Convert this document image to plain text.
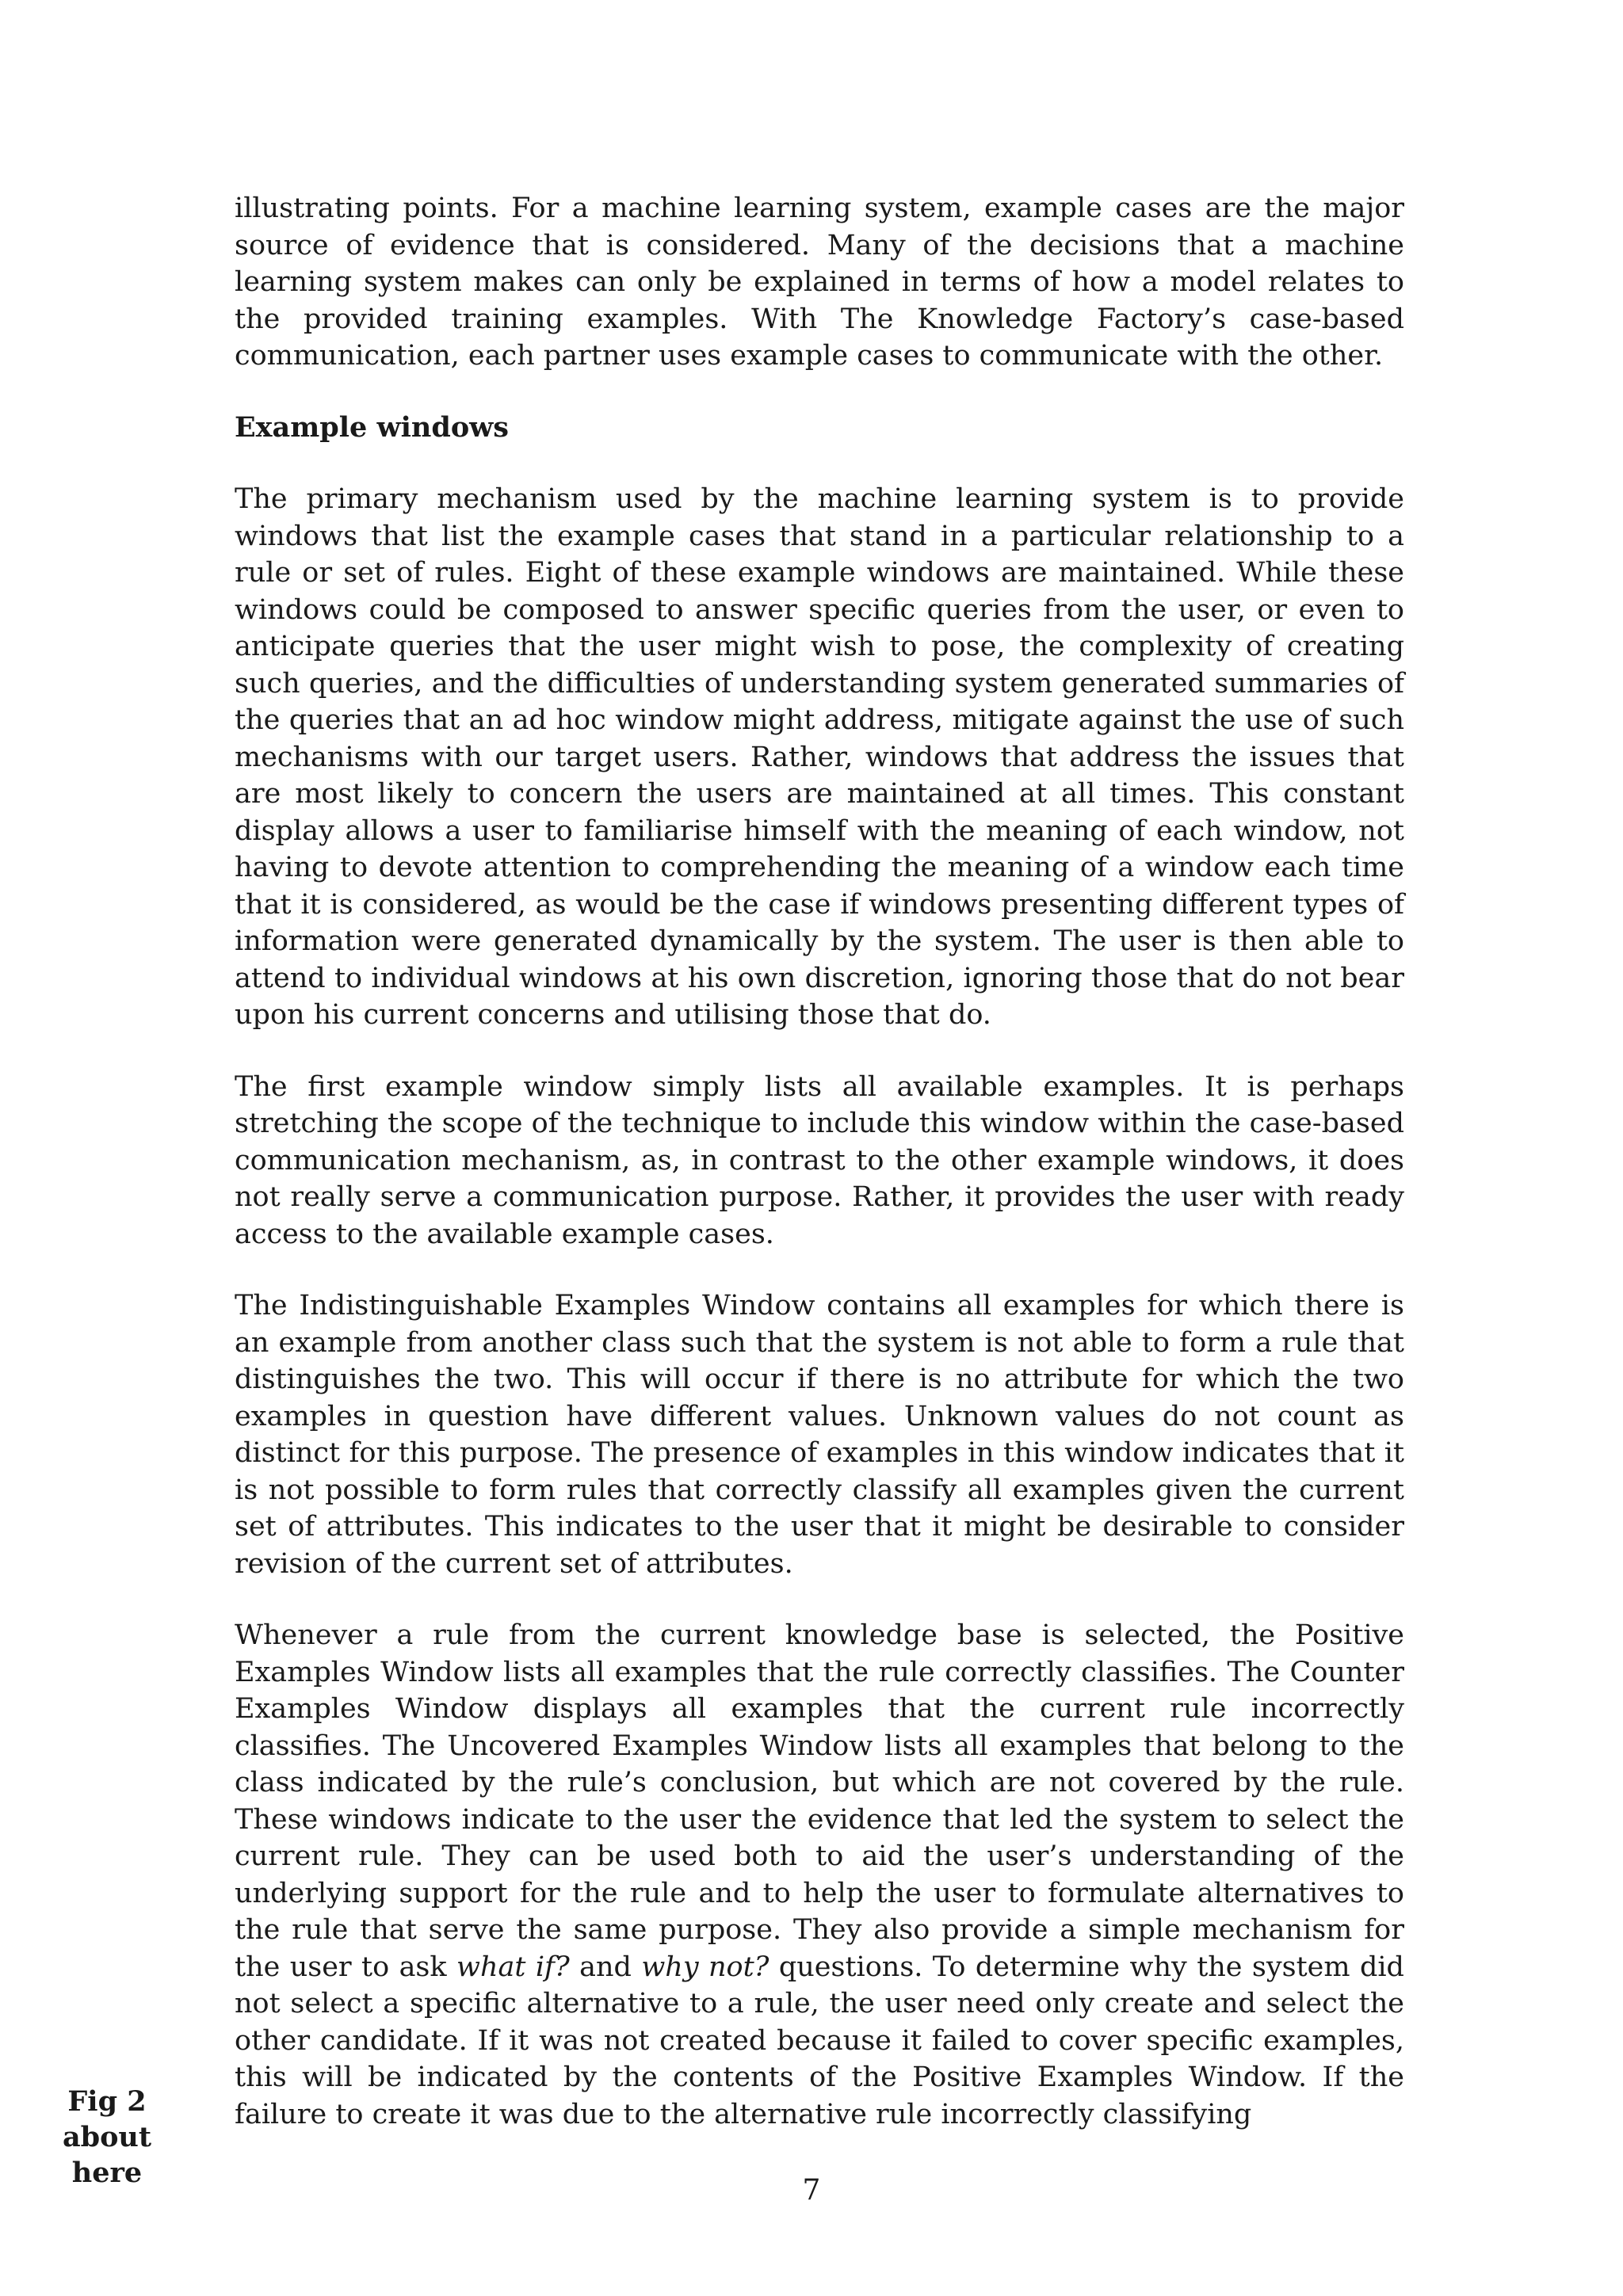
illustrating points. For a machine learning system, example cases are the major source of evidence that is considered. Many of the decisions that a machine learning system makes can only be explained in terms of how a model relates to the provided training examples. With The Knowledge Factory’s case-based communication, each partner uses example cases to communicate with the other.

Example windows

The primary mechanism used by the machine learning system is to provide windows that list the example cases that stand in a particular relationship to a rule or set of rules. Eight of these example windows are maintained. While these windows could be composed to answer specific queries from the user, or even to anticipate queries that the user might wish to pose, the complexity of creating such queries, and the difficulties of understanding system generated summaries of the queries that an ad hoc window might address, mitigate against the use of such mechanisms with our target users. Rather, windows that address the issues that are most likely to concern the users are maintained at all times. This constant display allows a user to familiarise himself with the meaning of each window, not having to devote attention to comprehending the meaning of a window each time that it is considered, as would be the case if windows presenting different types of information were generated dynamically by the system. The user is then able to attend to individual windows at his own discretion, ignoring those that do not bear upon his current concerns and utilising those that do.

The first example window simply lists all available examples. It is perhaps stretching the scope of the technique to include this window within the case-based communication mechanism, as, in contrast to the other example windows, it does not really serve a communication purpose. Rather, it provides the user with ready access to the available example cases.

The Indistinguishable Examples Window contains all examples for which there is an example from another class such that the system is not able to form a rule that distinguishes the two. This will occur if there is no attribute for which the two examples in question have different values. Unknown values do not count as distinct for this purpose. The presence of examples in this window indicates that it is not possible to form rules that correctly classify all examples given the current set of attributes. This indicates to the user that it might be desirable to consider revision of the current set of attributes.

Whenever a rule from the current knowledge base is selected, the Positive Examples Window lists all examples that the rule correctly classifies. The Counter Examples Window displays all examples that the current rule incorrectly classifies. The Uncovered Examples Window lists all examples that belong to the class indicated by the rule’s conclusion, but which are not covered by the rule. These windows indicate to the user the evidence that led the system to select the current rule. They can be used both to aid the user’s understanding of the underlying support for the rule and to help the user to formulate alternatives to the rule that serve the same purpose. They also provide a simple mechanism for the user to ask what if? and why not? questions. To determine why the system did not select a specific alternative to a rule, the user need only create and select the other candidate. If it was not created because it failed to cover specific examples, this will be indicated by the contents of the Positive Examples Window. If the failure to create it was due to the alternative rule incorrectly classifying

Fig 2
about
here
7
